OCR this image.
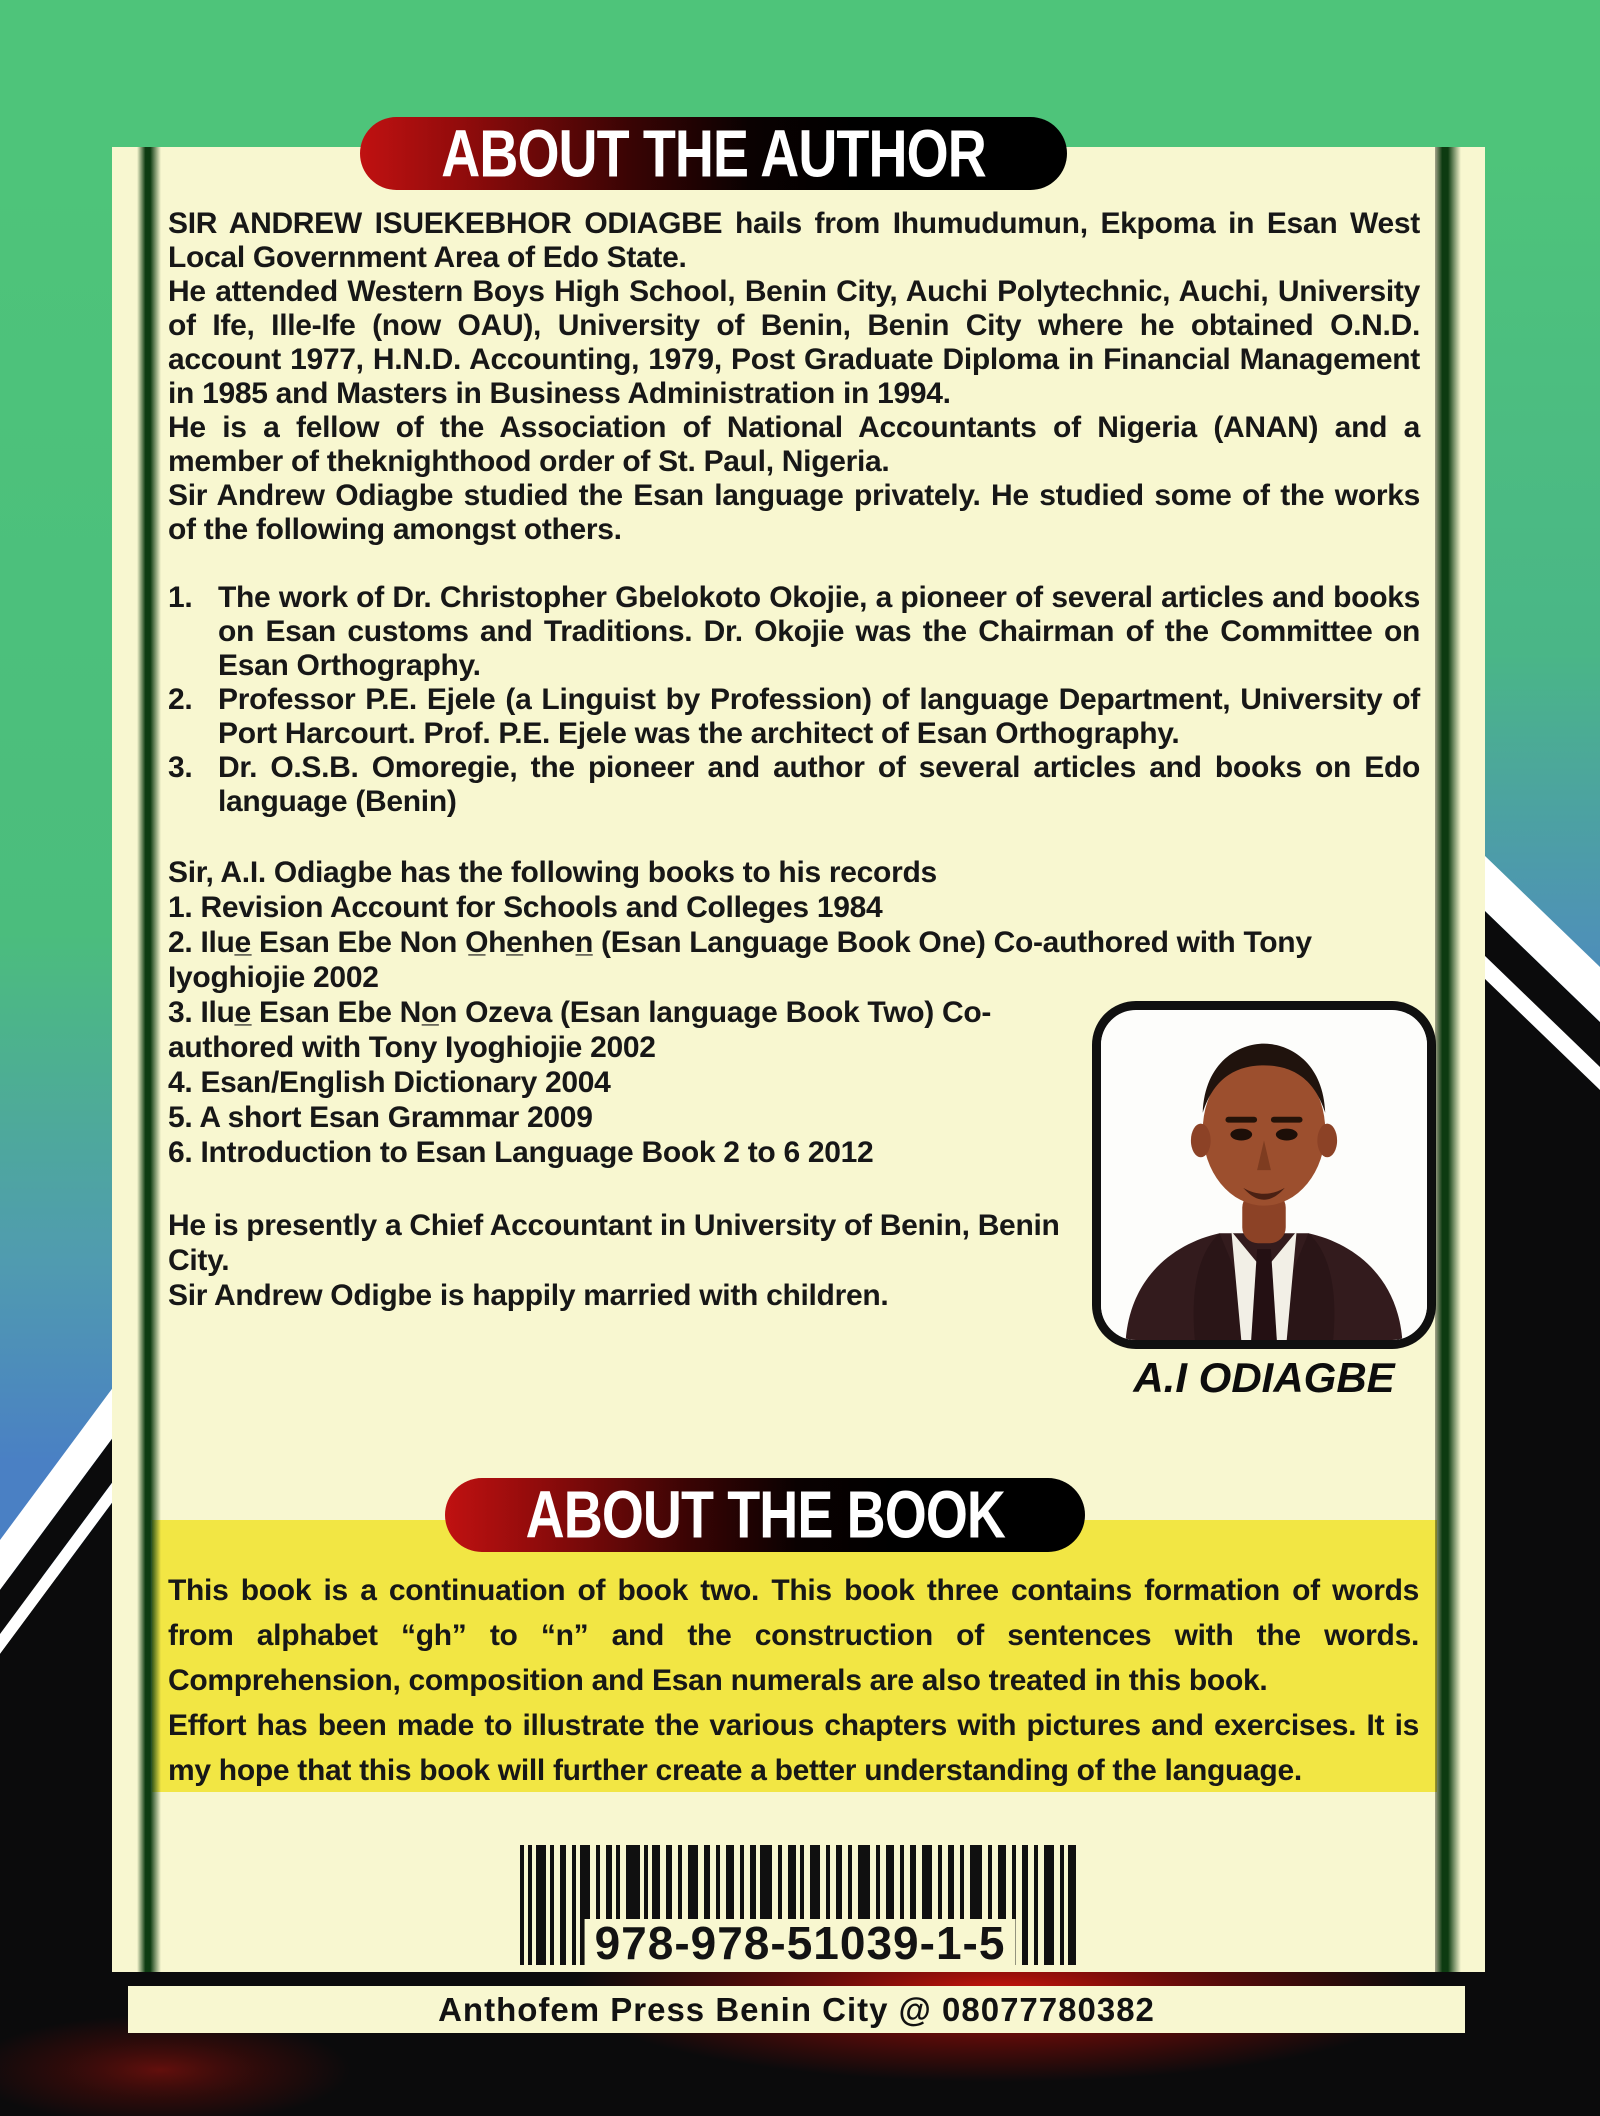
This book is a continuation of book two. This book three contains formation of words from alphabet “gh” to “n” and the construction of sentences with the words. Comprehension, composition and Esan numerals are also treated in this book.

Effort has been made to illustrate the various chapters with pictures and exercises. It is my hope that this book will further create a better understanding of the language.

SIR ANDREW ISUEKEBHOR ODIAGBE hails from Ihumudumun, Ekpoma in Esan West Local Government Area of Edo State.

He attended Western Boys High School, Benin City, Auchi Polytechnic, Auchi, University of Ife, Ille-Ife (now OAU), University of Benin, Benin City where he obtained O.N.D. account 1977, H.N.D. Accounting, 1979, Post Graduate Diploma in Financial Management in 1985 and Masters in Business Administration in 1994.

He is a fellow of the Association of National Accountants of Nigeria (ANAN) and a member of theknighthood order of St. Paul, Nigeria.

Sir Andrew Odiagbe studied the Esan language privately. He studied some of the works of the following amongst others.

1. The work of Dr. Christopher Gbelokoto Okojie, a pioneer of several articles and books on Esan customs and Traditions. Dr. Okojie was the Chairman of the Committee on Esan Orthography.
2. Professor P.E. Ejele (a Linguist by Profession) of language Department, University of Port Harcourt. Prof. P.E. Ejele was the architect of Esan Orthography.
3. Dr. O.S.B. Omoregie, the pioneer and author of several articles and books on Edo language (Benin)

Sir, A.I. Odiagbe has the following books to his records

1. Revision Account for Schools and Colleges 1984

2. Ilue̲ Esan Ebe Non O̲he̲nhen̲ (Esan Language Book One) Co-authored with Tony Iyoghiojie 2002

A.I ODIAGBE

3. Ilue̲ Esan Ebe No̲n Ozeva (Esan language Book Two) Co-authored with Tony Iyoghiojie 2002

4. Esan/English Dictionary 2004

5. A short Esan Grammar 2009

6. Introduction to Esan Language Book 2 to 6 2012

He is presently a Chief Accountant in University of Benin, Benin City.

Sir Andrew Odigbe is happily married with children.

978-978-51039-1-5
ABOUT THE AUTHOR
ABOUT THE BOOK
Anthofem Press Benin City @ 08077780382
